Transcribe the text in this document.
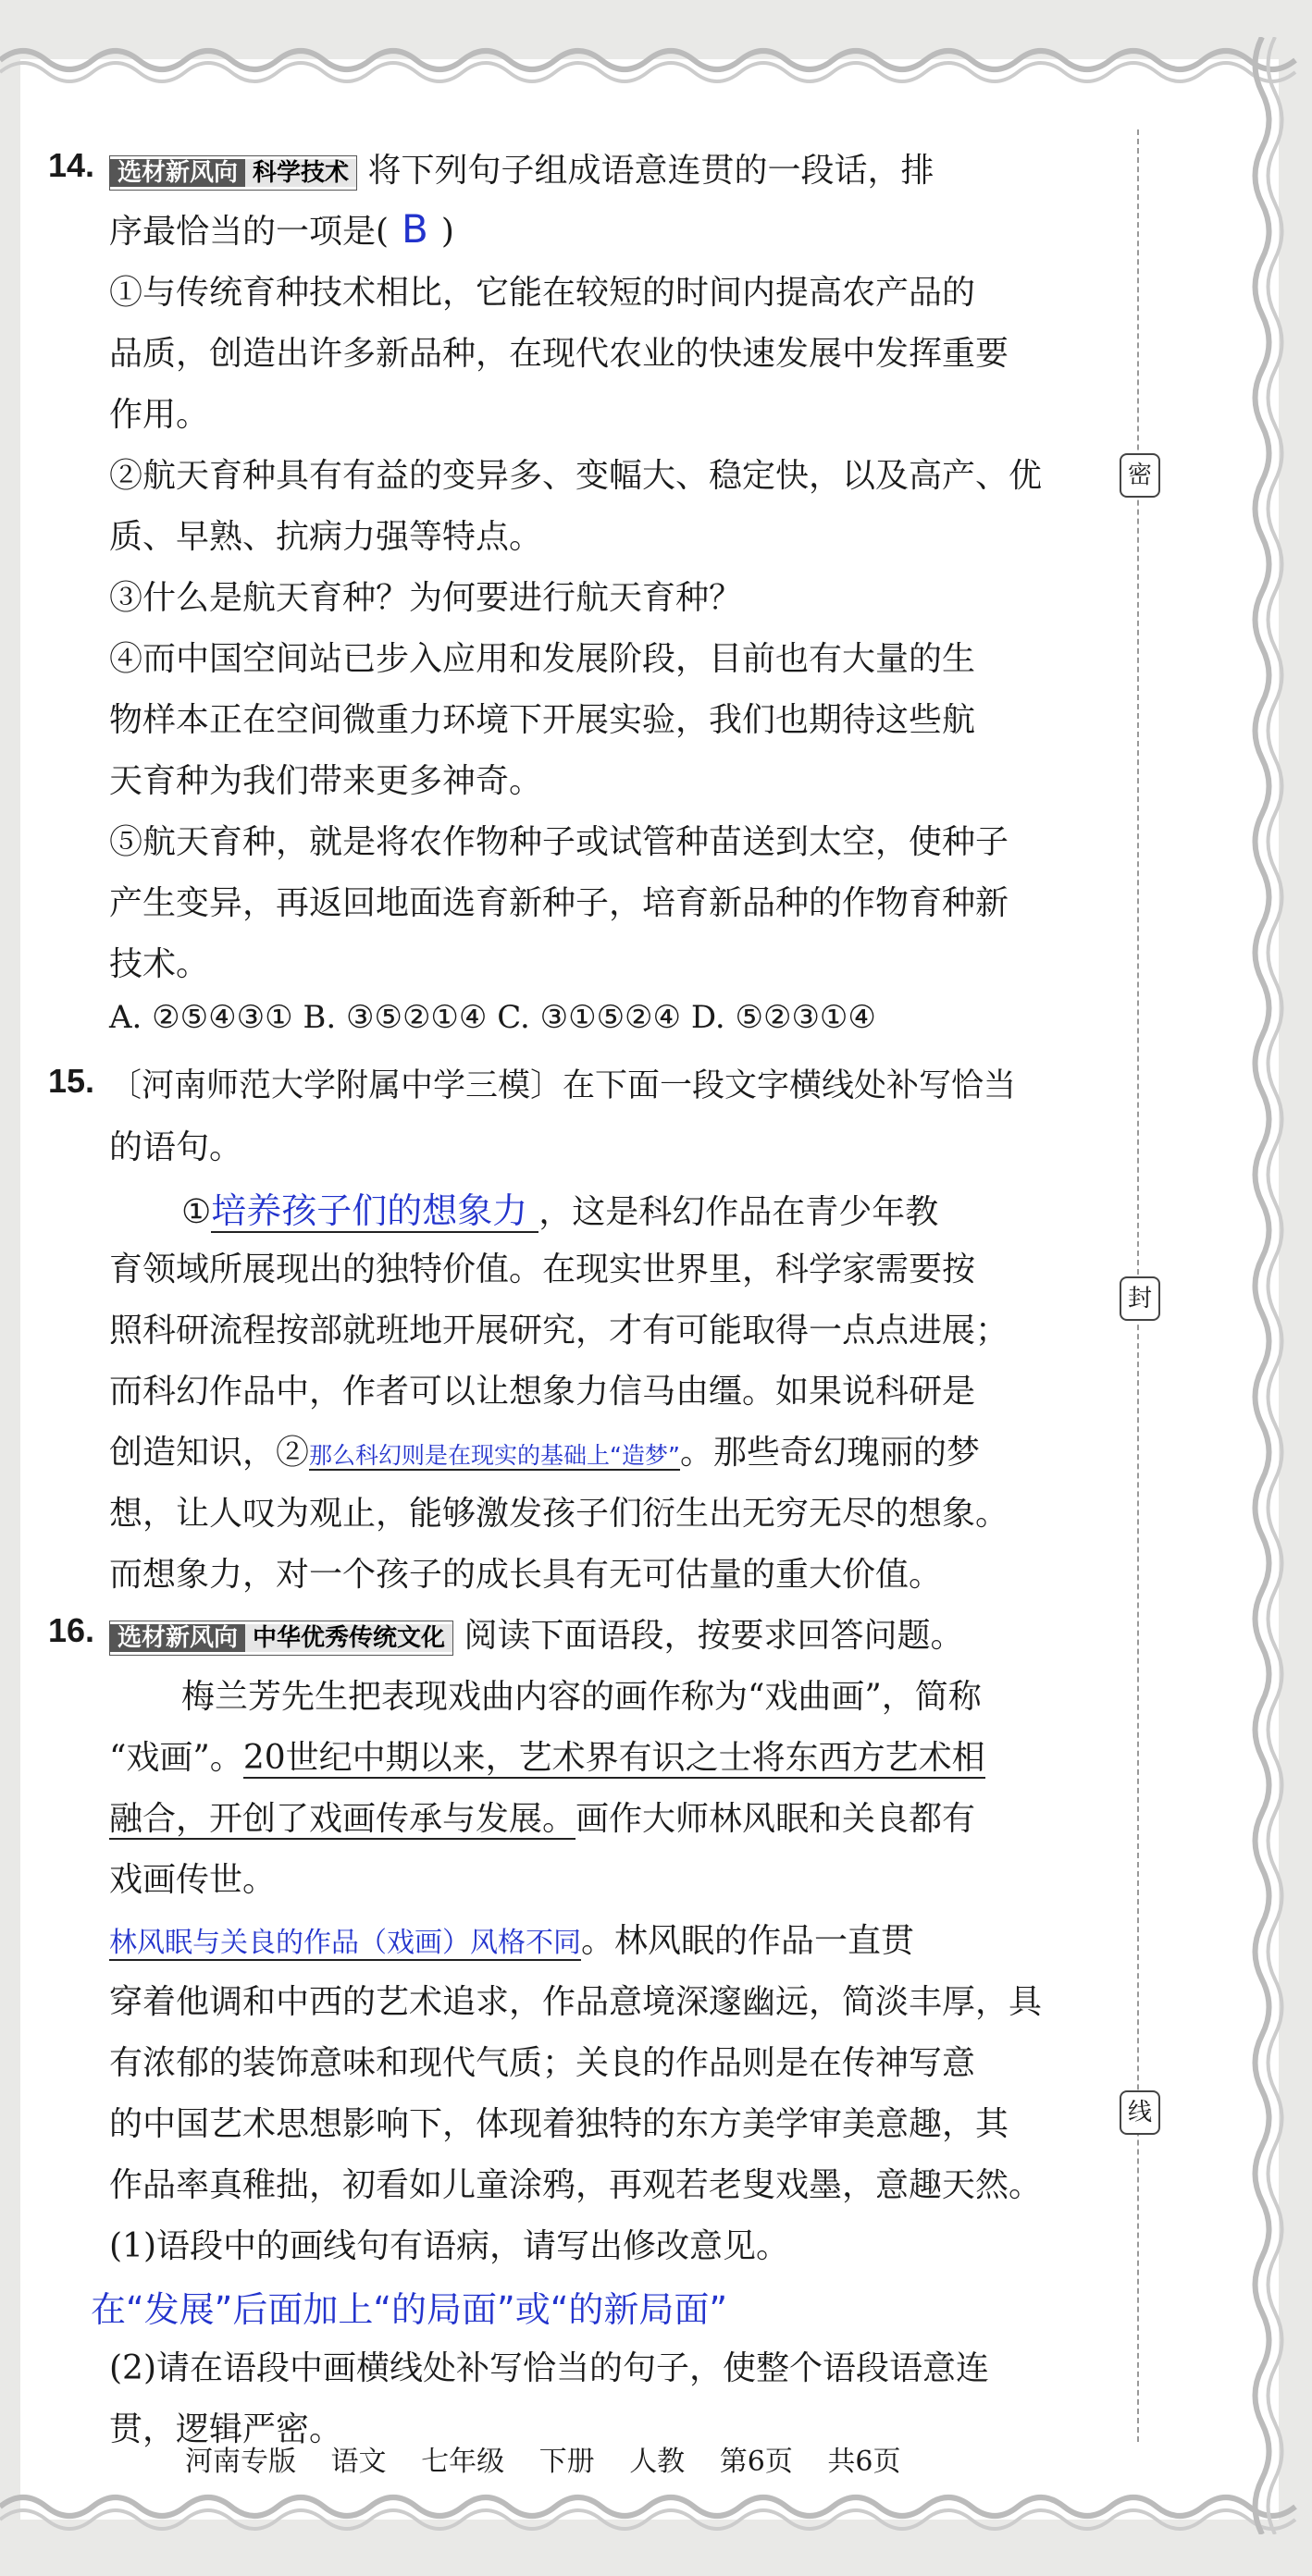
密
封
线
14. 选材新风向 科学技术 将下列句子组成语意连贯的一段话，排
序最恰当的一项是( B )
①与传统育种技术相比，它能在较短的时间内提高农产品的
品质，创造出许多新品种，在现代农业的快速发展中发挥重要
作用。
②航天育种具有有益的变异多、变幅大、稳定快，以及高产、优
质、早熟、抗病力强等特点。
③什么是航天育种？为何要进行航天育种？
④而中国空间站已步入应用和发展阶段，目前也有大量的生
物样本正在空间微重力环境下开展实验，我们也期待这些航
天育种为我们带来更多神奇。
⑤航天育种，就是将农作物种子或试管种苗送到太空，使种子
产生变异，再返回地面选育新种子，培育新品种的作物育种新
技术。
A. ②⑤④③① B. ③⑤②①④ C. ③①⑤②④ D. ⑤②③①④
15. 〔河南师范大学附属中学三模〕在下面一段文字横线处补写恰当
的语句。
①培养孩子们的想象力 ，这是科幻作品在青少年教
育领域所展现出的独特价值。在现实世界里，科学家需要按
照科研流程按部就班地开展研究，才有可能取得一点点进展；
而科幻作品中，作者可以让想象力信马由缰。如果说科研是
创造知识，②那么科幻则是在现实的基础上“造梦”。那些奇幻瑰丽的梦
想，让人叹为观止，能够激发孩子们衍生出无穷无尽的想象。
而想象力，对一个孩子的成长具有无可估量的重大价值。
16. 选材新风向 中华优秀传统文化 阅读下面语段，按要求回答问题。
梅兰芳先生把表现戏曲内容的画作称为“戏曲画”，简称
“戏画”。20世纪中期以来，艺术界有识之士将东西方艺术相
融合，开创了戏画传承与发展。画作大师林风眠和关良都有
戏画传世。
林风眠与关良的作品（戏画）风格不同。林风眠的作品一直贯
穿着他调和中西的艺术追求，作品意境深邃幽远，简淡丰厚，具
有浓郁的装饰意味和现代气质；关良的作品则是在传神写意
的中国艺术思想影响下，体现着独特的东方美学审美意趣，其
作品率真稚拙，初看如儿童涂鸦，再观若老叟戏墨，意趣天然。
(1)语段中的画线句有语病，请写出修改意见。
在“发展”后面加上“的局面”或“的新局面”
(2)请在语段中画横线处补写恰当的句子，使整个语段语意连
贯，逻辑严密。
河南专版 语文 七年级 下册 人教 第6页 共6页
